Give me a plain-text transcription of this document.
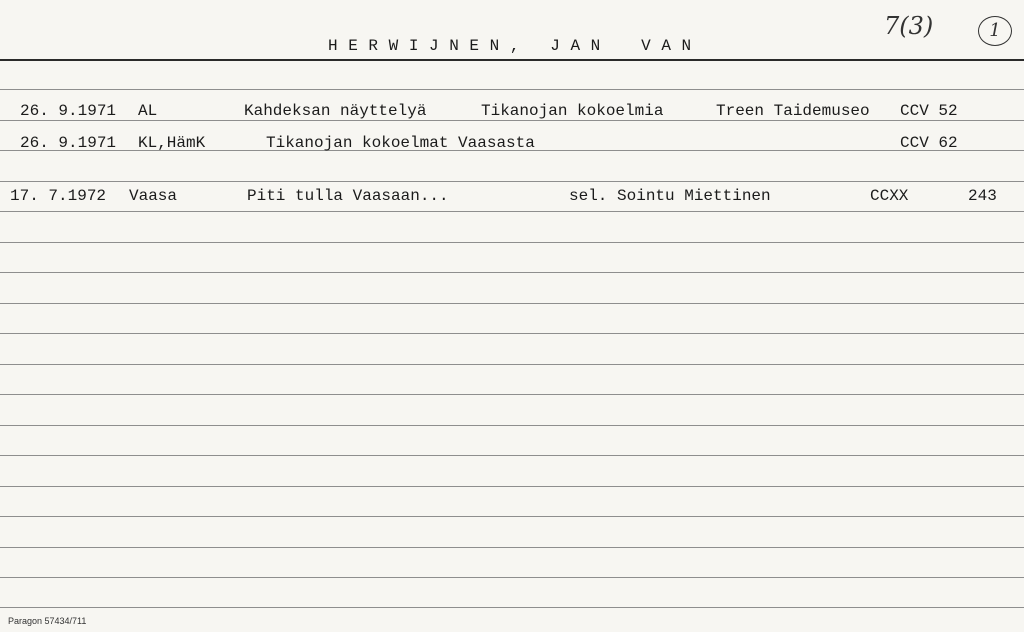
H E R W I J N E N ,   J A N    V A N
7(3)	1
26. 9.1971 AL	Kahdeksan näyttelyä	Tikanojan kokoelmia	Treen Taidemuseo CCV 52
26. 9.1971 KL,HämK	Tikanojan kokoelmat Vaasasta	CCV 62
17. 7.1972 Vaasa	Piti tulla Vaasaan...	sel. Sointu Miettinen	CCXX	243
Paragon 57434/711
